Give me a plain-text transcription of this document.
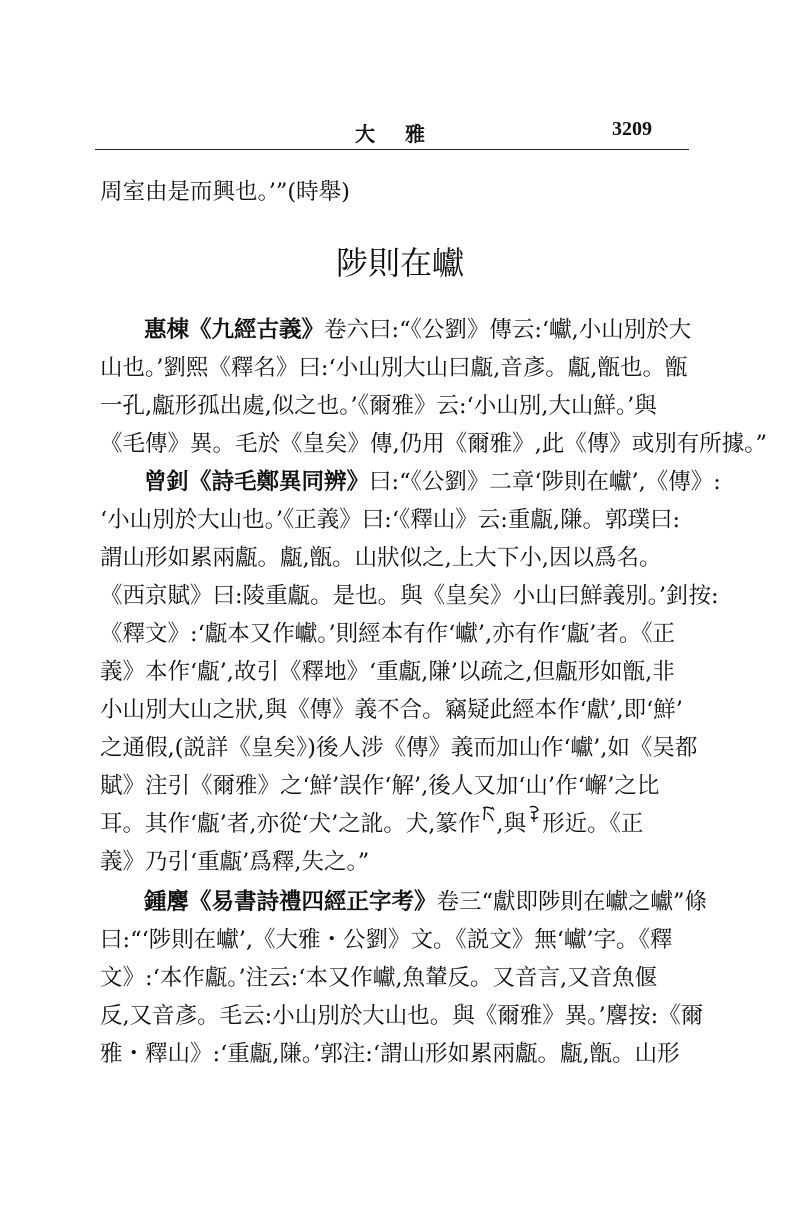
大雅	3209
周室由是而興也。’”(時舉)
陟則在巘
惠棟《九經古義》卷六曰:“《公劉》傳云:‘巘,小山別於大
山也。’劉熙《釋名》曰:‘小山別大山曰甗,音彥。甗,甑也。甑
一孔,甗形孤出處,似之也。’《爾雅》云:‘小山別,大山鮮。’與
《毛傳》異。毛於《皇矣》傳,仍用《爾雅》,此《傳》或別有所據。”
曾釗《詩毛鄭異同辨》曰:“《公劉》二章‘陟則在巘’,《傳》:
‘小山別於大山也。’《正義》曰:‘《釋山》云:重甗,隒。郭璞曰:
謂山形如累兩甗。甗,甑。山狀似之,上大下小,因以爲名。
《西京賦》曰:陵重甗。是也。與《皇矣》小山曰鮮義別。’釗按:
《釋文》:‘甗本又作巘。’則經本有作‘巘’,亦有作‘甗’者。《正
義》本作‘甗’,故引《釋地》‘重甗,隒’以疏之,但甗形如甑,非
小山別大山之狀,與《傳》義不合。竊疑此經本作‘獻’,即‘鮮’
之通假,(説詳《皇矣》)後人涉《傳》義而加山作‘巘’,如《吴都
賦》注引《爾雅》之‘鮮’誤作‘解’,後人又加‘山’作‘嶰’之比
耳。其作‘甗’者,亦從‘犬’之訛。犬,篆作 ,與 形近。《正
義》乃引‘重甗’爲釋,失之。”
鍾麐《易書詩禮四經正字考》卷三“獻即陟則在巘之巘”條
曰:“‘陟則在巘’,《大雅・公劉》文。《説文》無‘巘’字。《釋
文》:‘本作甗。’注云:‘本又作巘,魚輦反。又音言,又音魚偃
反,又音彥。毛云:小山別於大山也。與《爾雅》異。’麐按:《爾
雅・釋山》:‘重甗,隒。’郭注:‘謂山形如累兩甗。甗,甑。山形
